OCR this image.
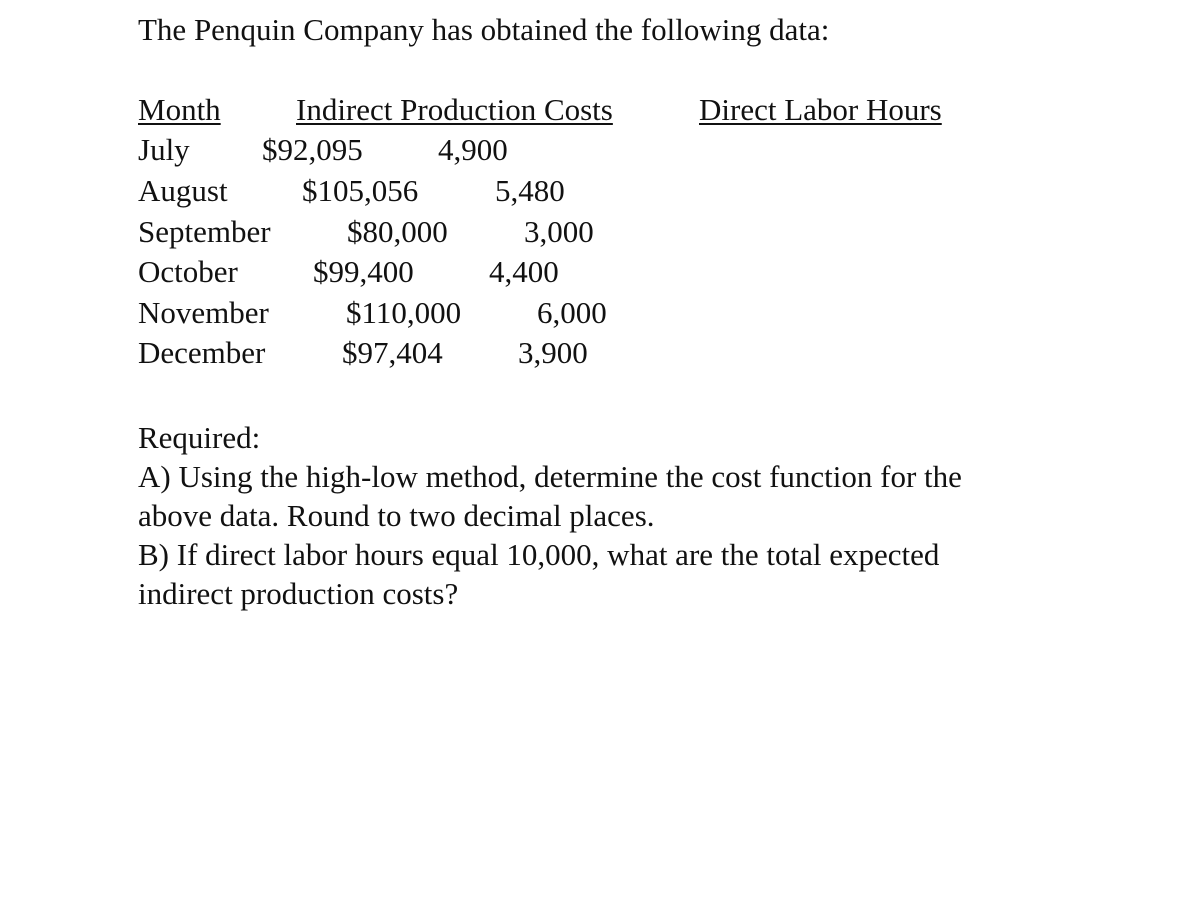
The Penquin Company has obtained the following data:
Month Indirect Production Costs	Direct Labor Hours
July $92,095 4,900
August $105,056 5,480
September $80,000 3,000
October $99,400 4,400
November $110,000 6,000
December $97,404 3,900
Required:
A) Using the high-low method, determine the cost function for the
above data. Round to two decimal places.
B) If direct labor hours equal 10,000, what are the total expected
indirect production costs?
